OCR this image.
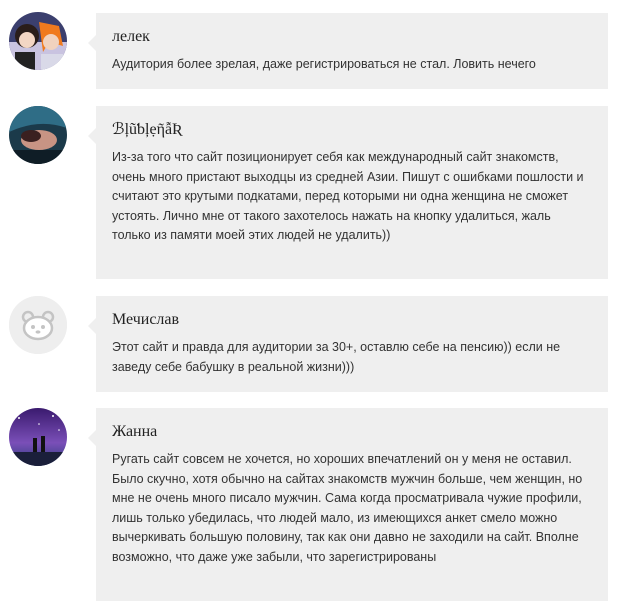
лелек

Аудитория более зрелая, даже регистрироваться не стал. Ловить нечего

ℬļũƅļẹῆẫƦ

Из-за того что сайт позиционирует себя как международный сайт знакомств, очень много пристают выходцы из средней Азии. Пишут с ошибками пошлости и считают это крутыми подкатами, перед которыми ни одна женщина не сможет устоять. Лично мне от такого захотелось нажать на кнопку удалиться, жаль только из памяти моей этих людей не удалить))

Мечислав

Этот сайт и правда для аудитории за 30+, оставлю себе на пенсию)) если не заведу себе бабушку в реальной жизни)))

Жанна

Ругать сайт совсем не хочется, но хороших впечатлений он у меня не оставил. Было скучно, хотя обычно на сайтах знакомств мужчин больше, чем женщин, но мне не очень много писало мужчин. Сама когда просматривала чужие профили, лишь только убедилась, что людей мало, из имеющихся анкет смело можно вычеркивать большую половину, так как они давно не заходили на сайт. Вполне возможно, что даже уже забыли, что зарегистрированы
